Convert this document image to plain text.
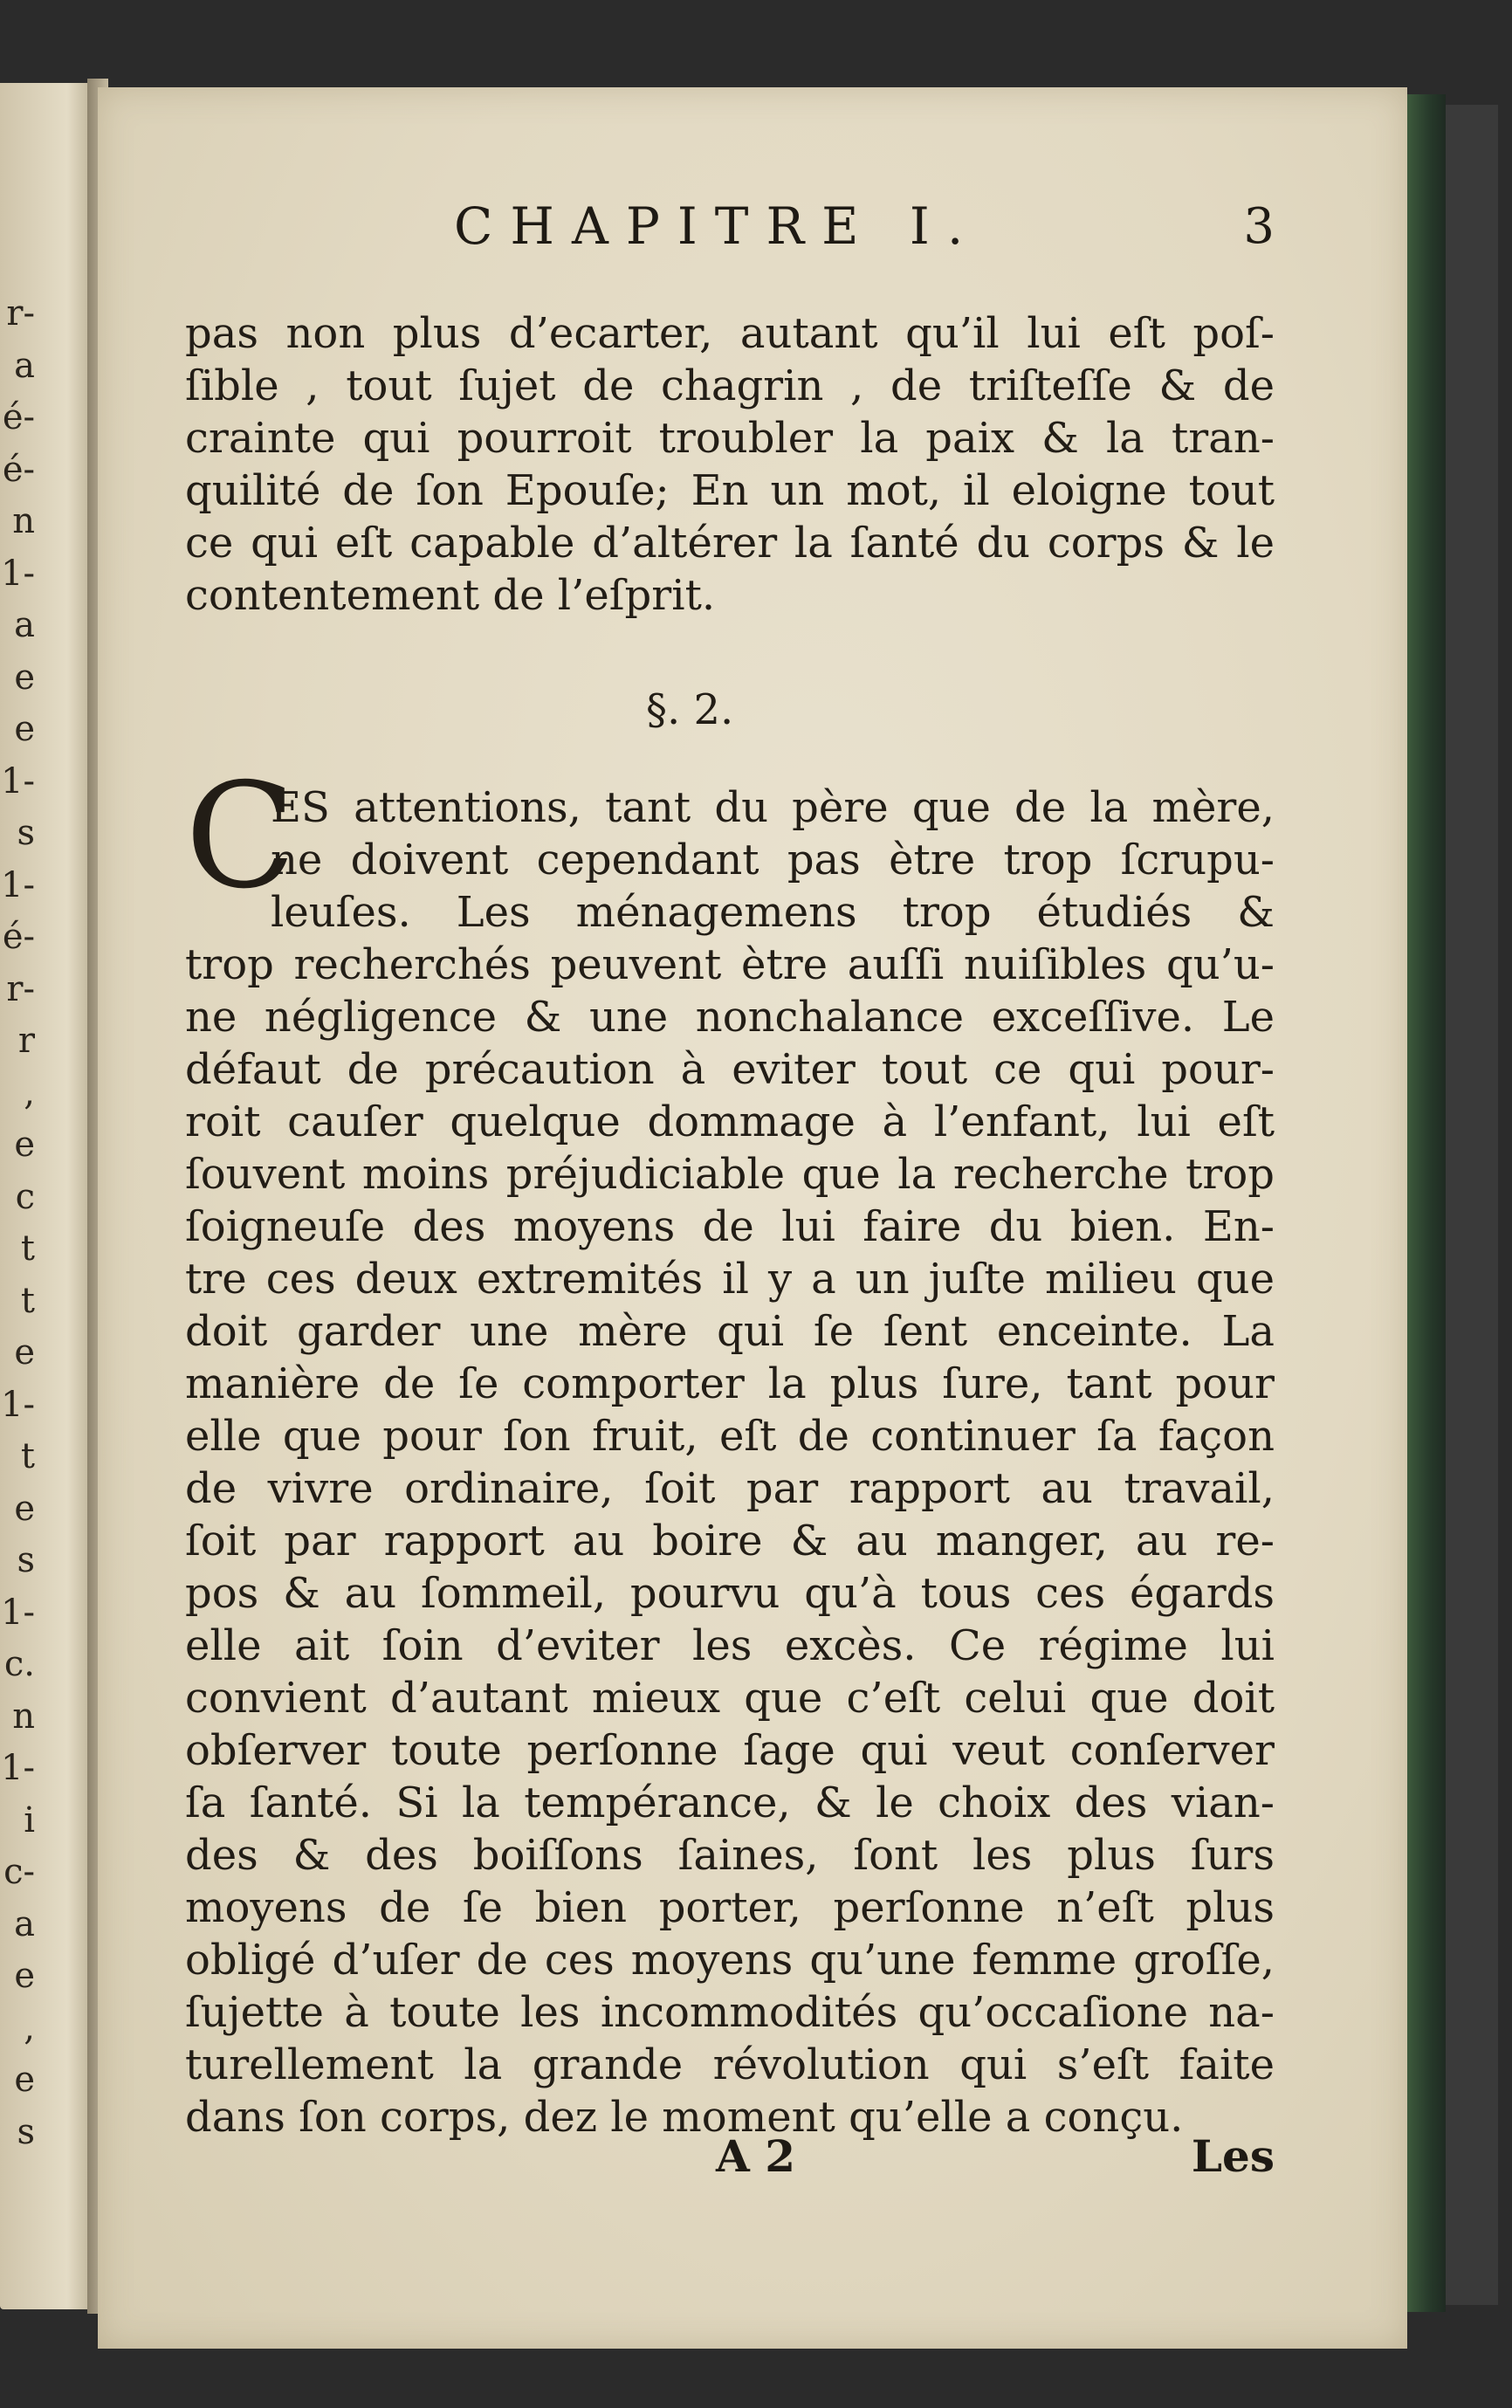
r-
a
é-
é-
n
1-
a
e
e
1-
s
1-
é-
r-
r
,
e
c
t
t
e
1-
t
e
s
1-
c.
n
1-
i
c-
a
e
,
e
s
CHAPITRE I.	3
pas non plus d’ecarter, autant qu’il lui eſt poſ-
ſible , tout ſujet de chagrin , de triſteſſe & de
crainte qui pourroit troubler la paix & la tran-
quilité de ſon Epouſe; En un mot, il eloigne tout
ce qui eſt capable d’altérer la ſanté du corps & le
contentement de l’eſprit.
§. 2.
C
ES attentions, tant du père que de la mère,
ne doivent cependant pas ètre trop ſcrupu-
leuſes. Les ménagemens trop étudiés &
trop recherchés peuvent ètre auſſi nuiſibles qu’u-
ne négligence & une nonchalance exceſſive. Le
défaut de précaution à eviter tout ce qui pour-
roit cauſer quelque dommage à l’enfant, lui eſt
ſouvent moins préjudiciable que la recherche trop
ſoigneuſe des moyens de lui faire du bien. En-
tre ces deux extremités il y a un juſte milieu que
doit garder une mère qui ſe ſent enceinte. La
manière de ſe comporter la plus ſure, tant pour
elle que pour ſon fruit, eſt de continuer ſa façon
de vivre ordinaire, ſoit par rapport au travail,
ſoit par rapport au boire & au manger, au re-
pos & au ſommeil, pourvu qu’à tous ces égards
elle ait ſoin d’eviter les excès. Ce régime lui
convient d’autant mieux que c’eſt celui que doit
obſerver toute perſonne ſage qui veut conſerver
ſa ſanté. Si la tempérance, & le choix des vian-
des & des boiſſons ſaines, ſont les plus ſurs
moyens de ſe bien porter, perſonne n’eſt plus
obligé d’uſer de ces moyens qu’une femme groſſe,
ſujette à toute les incommodités qu’occaſione na-
turellement la grande révolution qui s’eſt faite
dans ſon corps, dez le moment qu’elle a conçu.
A 2	Les
